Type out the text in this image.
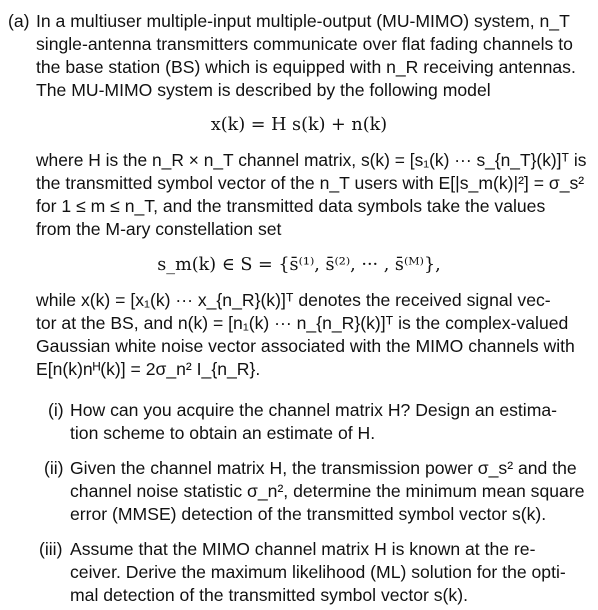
(a) In a multiuser multiple-input multiple-output (MU-MIMO) system, n_T
single-antenna transmitters communicate over flat fading channels to
the base station (BS) which is equipped with n_R receiving antennas.
The MU-MIMO system is described by the following model
x(k) = H s(k) + n(k)
where H is the n_R × n_T channel matrix, s(k) = [s₁(k) ··· s_{n_T}(k)]ᵀ is
the transmitted symbol vector of the n_T users with E[|s_m(k)|²] = σ_s²
for 1 ≤ m ≤ n_T, and the transmitted data symbols take the values
from the M-ary constellation set
s_m(k) ∈ S = {s̄⁽¹⁾, s̄⁽²⁾, ··· , s̄⁽ᴹ⁾},
while x(k) = [x₁(k) ··· x_{n_R}(k)]ᵀ denotes the received signal vec-
tor at the BS, and n(k) = [n₁(k) ··· n_{n_R}(k)]ᵀ is the complex-valued
Gaussian white noise vector associated with the MIMO channels with
E[n(k)nᴴ(k)] = 2σ_n² I_{n_R}.
(i) How can you acquire the channel matrix H? Design an estima-
tion scheme to obtain an estimate of H.
(ii) Given the channel matrix H, the transmission power σ_s² and the
channel noise statistic σ_n², determine the minimum mean square
error (MMSE) detection of the transmitted symbol vector s(k).
(iii) Assume that the MIMO channel matrix H is known at the re-
ceiver. Derive the maximum likelihood (ML) solution for the opti-
mal detection of the transmitted symbol vector s(k).
